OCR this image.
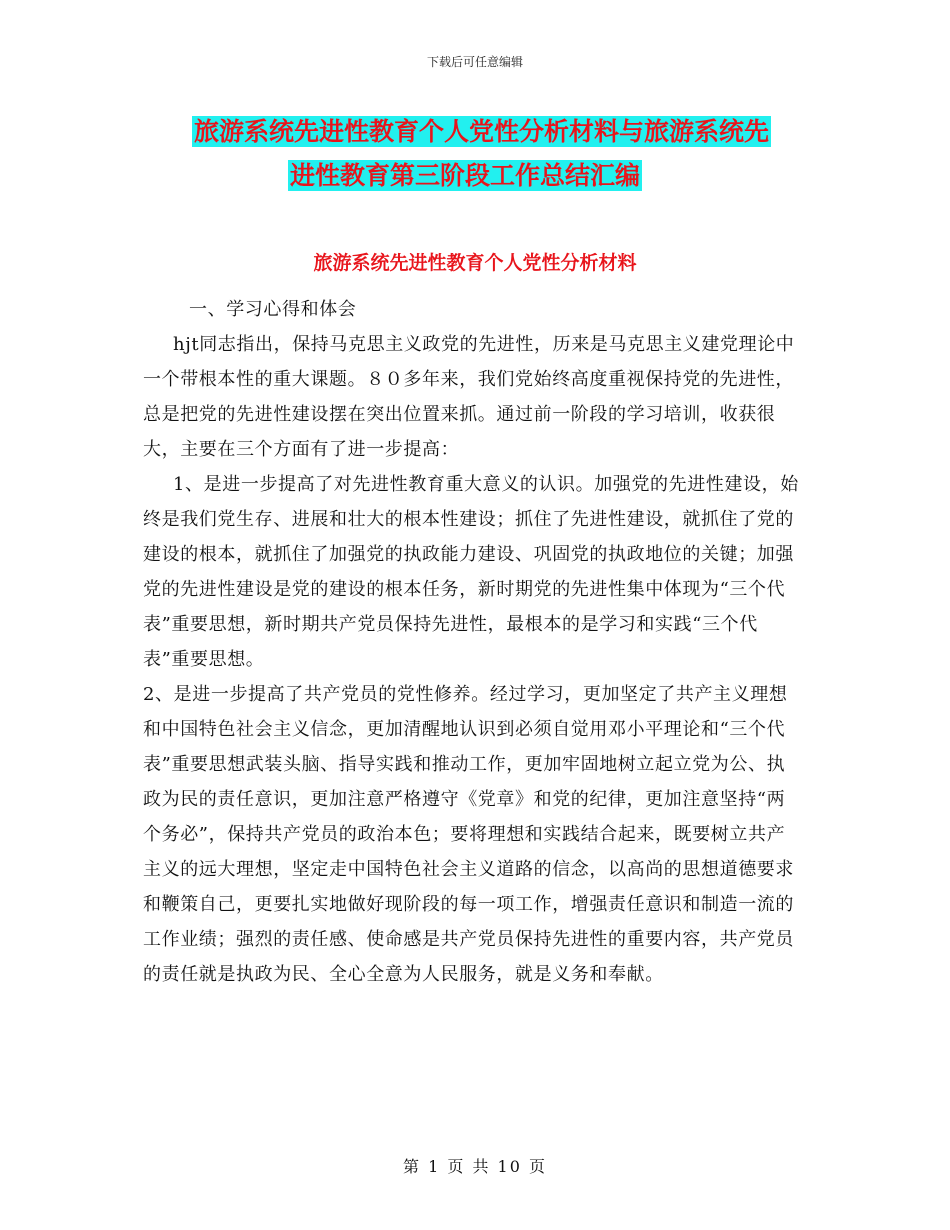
下载后可任意编辑
旅游系统先进性教育个人党性分析材料与旅游系统先
进性教育第三阶段工作总结汇编
旅游系统先进性教育个人党性分析材料

一、学习心得和体会

hjt同志指出，保持马克思主义政党的先进性，历来是马克思主义建党理论中一个带根本性的重大课题。８０多年来，我们党始终高度重视保持党的先进性，总是把党的先进性建设摆在突出位置来抓。通过前一阶段的学习培训，收获很大，主要在三个方面有了进一步提高：

1、是进一步提高了对先进性教育重大意义的认识。加强党的先进性建设，始终是我们党生存、进展和壮大的根本性建设；抓住了先进性建设，就抓住了党的建设的根本，就抓住了加强党的执政能力建设、巩固党的执政地位的关键；加强党的先进性建设是党的建设的根本任务，新时期党的先进性集中体现为“三个代表”重要思想，新时期共产党员保持先进性，最根本的是学习和实践“三个代表”重要思想。

2、是进一步提高了共产党员的党性修养。经过学习，更加坚定了共产主义理想和中国特色社会主义信念，更加清醒地认识到必须自觉用邓小平理论和“三个代表”重要思想武装头脑、指导实践和推动工作，更加牢固地树立起立党为公、执政为民的责任意识，更加注意严格遵守《党章》和党的纪律，更加注意坚持“两个务必”，保持共产党员的政治本色；要将理想和实践结合起来，既要树立共产主义的远大理想，坚定走中国特色社会主义道路的信念，以高尚的思想道德要求和鞭策自己，更要扎实地做好现阶段的每一项工作，增强责任意识和制造一流的工作业绩；强烈的责任感、使命感是共产党员保持先进性的重要内容，共产党员的责任就是执政为民、全心全意为人民服务，就是义务和奉献。

第 1 页 共 10 页
